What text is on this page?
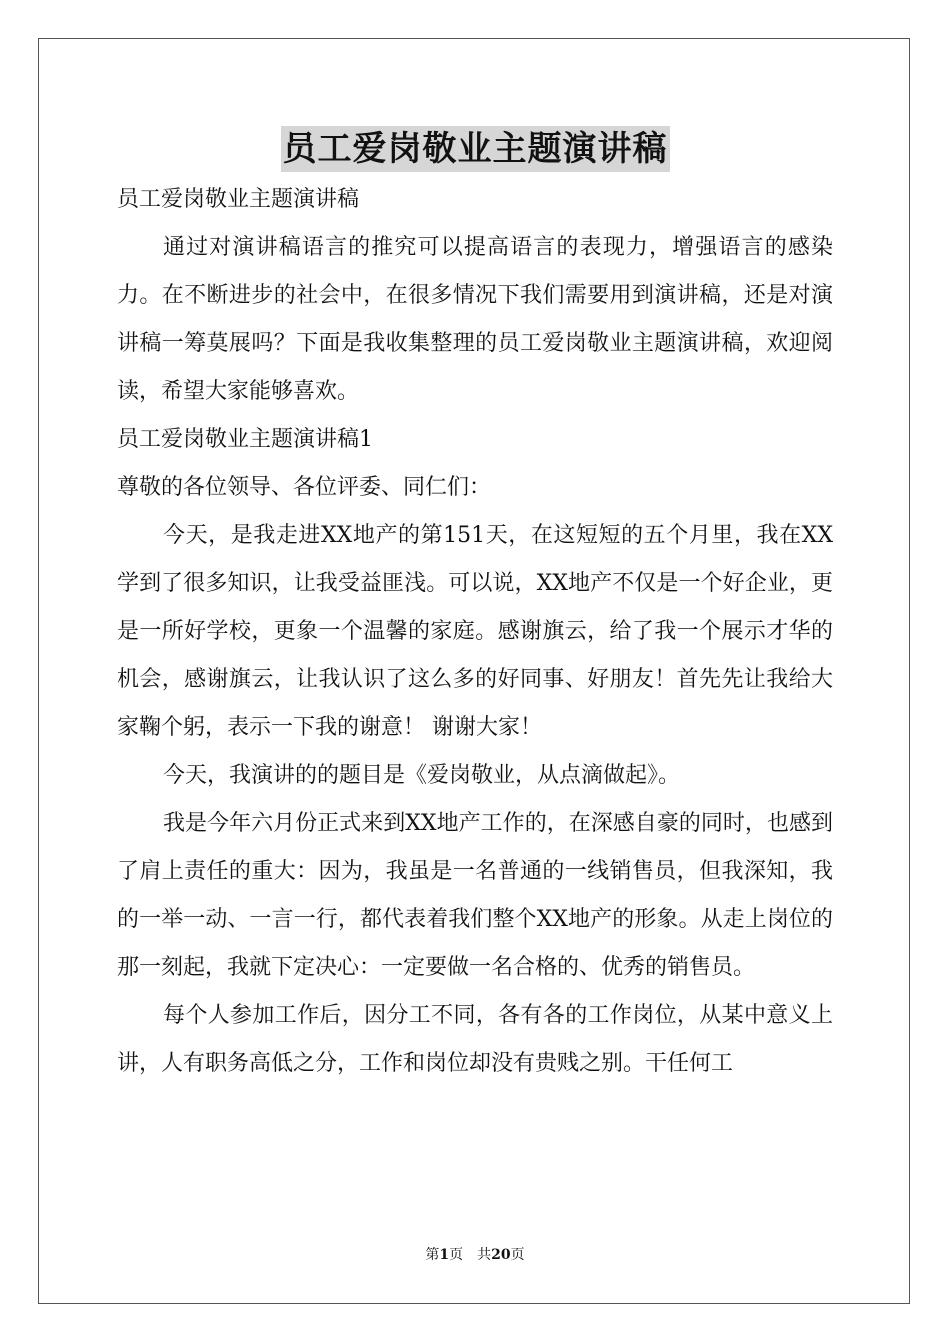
员工爱岗敬业主题演讲稿

员工爱岗敬业主题演讲稿

通过对演讲稿语言的推究可以提高语言的表现力，增强语言的感染力。在不断进步的社会中，在很多情况下我们需要用到演讲稿，还是对演讲稿一筹莫展吗？下面是我收集整理的员工爱岗敬业主题演讲稿，欢迎阅读，希望大家能够喜欢。

员工爱岗敬业主题演讲稿1

尊敬的各位领导、各位评委、同仁们：

今天，是我走进XX地产的第151天，在这短短的五个月里，我在XX学到了很多知识，让我受益匪浅。可以说，XX地产不仅是一个好企业，更是一所好学校，更象一个温馨的家庭。感谢旗云，给了我一个展示才华的机会，感谢旗云，让我认识了这么多的好同事、好朋友！首先先让我给大家鞠个躬，表示一下我的谢意！ 谢谢大家！

今天，我演讲的的题目是《爱岗敬业，从点滴做起》。

我是今年六月份正式来到XX地产工作的，在深感自豪的同时，也感到了肩上责任的重大：因为，我虽是一名普通的一线销售员，但我深知，我的一举一动、一言一行，都代表着我们整个XX地产的形象。从走上岗位的那一刻起，我就下定决心：一定要做一名合格的、优秀的销售员。

每个人参加工作后，因分工不同，各有各的工作岗位，从某中意义上讲，人有职务高低之分，工作和岗位却没有贵贱之别。干任何工

第1页 共20页
